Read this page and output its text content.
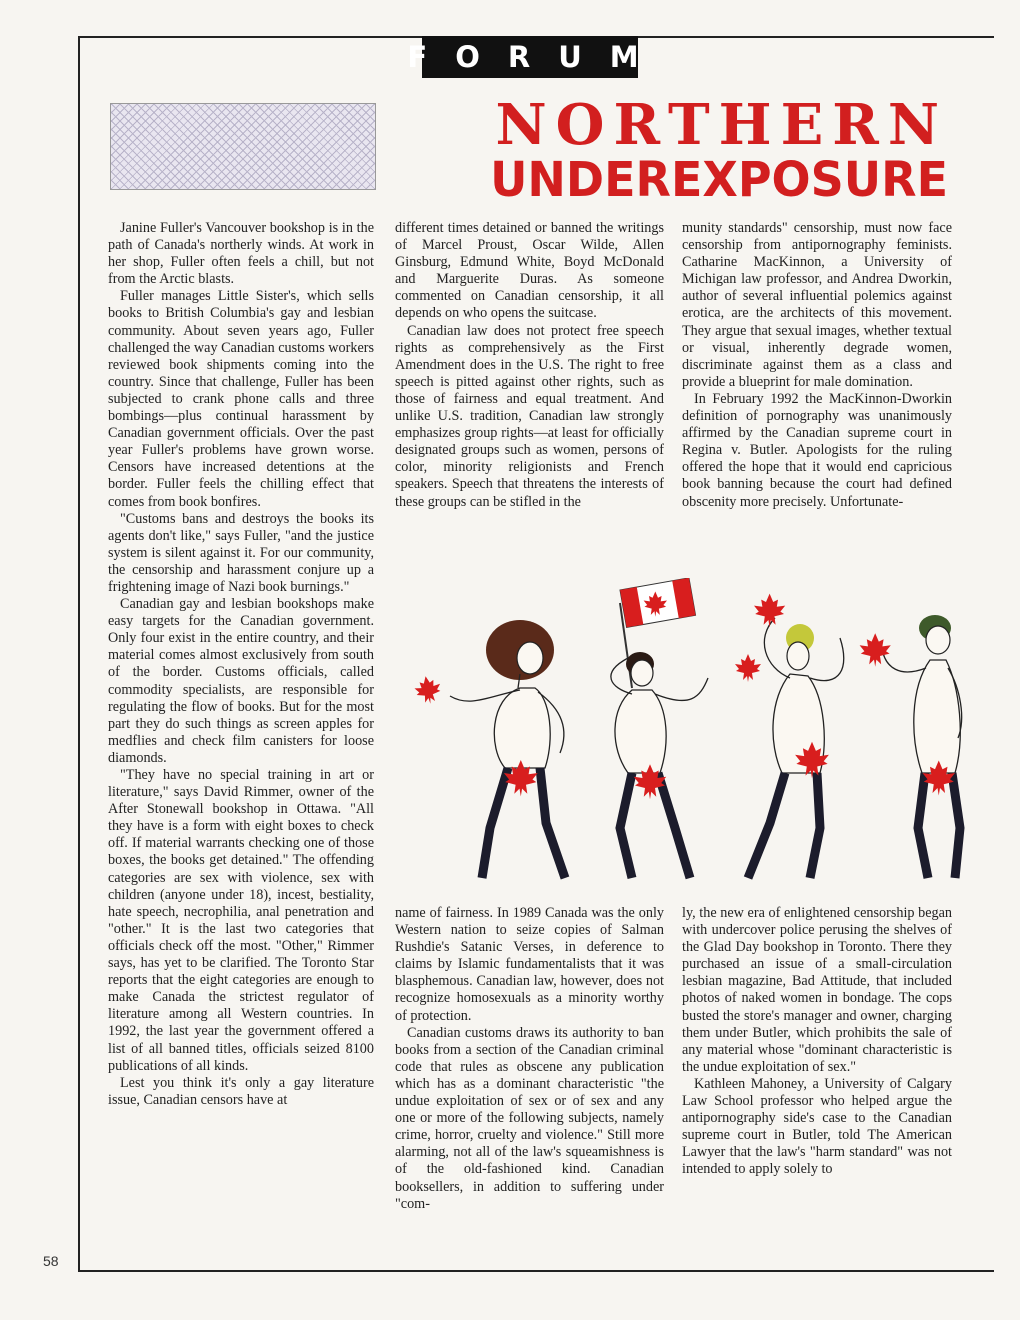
FORUM
NORTHERN
UNDEREXPOSURE

Janine Fuller's Vancouver bookshop is in the path of Canada's northerly winds. At work in her shop, Fuller often feels a chill, but not from the Arctic blasts.

Fuller manages Little Sister's, which sells books to British Columbia's gay and lesbian community. About seven years ago, Fuller challenged the way Canadian customs workers reviewed book shipments coming into the country. Since that challenge, Fuller has been subjected to crank phone calls and three bombings—plus continual harassment by Canadian government officials. Over the past year Fuller's problems have grown worse. Censors have increased detentions at the border. Fuller feels the chilling effect that comes from book bonfires.

"Customs bans and destroys the books its agents don't like," says Fuller, "and the justice system is silent against it. For our community, the censorship and harassment conjure up a frightening image of Nazi book burnings."

Canadian gay and lesbian bookshops make easy targets for the Canadian government. Only four exist in the entire country, and their material comes almost exclusively from south of the border. Customs officials, called commodity specialists, are responsible for regulating the flow of books. But for the most part they do such things as screen apples for medflies and check film canisters for loose diamonds.

"They have no special training in art or literature," says David Rimmer, owner of the After Stonewall bookshop in Ottawa. "All they have is a form with eight boxes to check off. If material warrants checking one of those boxes, the books get detained." The offending categories are sex with violence, sex with children (anyone under 18), incest, bestiality, hate speech, necrophilia, anal penetration and "other." It is the last two categories that officials check off the most. "Other," Rimmer says, has yet to be clarified. The Toronto Star reports that the eight categories are enough to make Canada the strictest regulator of literature among all Western countries. In 1992, the last year the government offered a list of all banned titles, officials seized 8100 publications of all kinds.

Lest you think it's only a gay literature issue, Canadian censors have at

different times detained or banned the writings of Marcel Proust, Oscar Wilde, Allen Ginsburg, Edmund White, Boyd McDonald and Marguerite Duras. As someone commented on Canadian censorship, it all depends on who opens the suitcase.

Canadian law does not protect free speech rights as comprehensively as the First Amendment does in the U.S. The right to free speech is pitted against other rights, such as those of fairness and equal treatment. And unlike U.S. tradition, Canadian law strongly emphasizes group rights—at least for officially designated groups such as women, persons of color, minority religionists and French speakers. Speech that threatens the interests of these groups can be stifled in the

munity standards" censorship, must now face censorship from antipornography feminists. Catharine MacKinnon, a University of Michigan law professor, and Andrea Dworkin, author of several influential polemics against erotica, are the architects of this movement. They argue that sexual images, whether textual or visual, inherently degrade women, discriminate against them as a class and provide a blueprint for male domination.

In February 1992 the MacKinnon-Dworkin definition of pornography was unanimously affirmed by the Canadian supreme court in Regina v. Butler. Apologists for the ruling offered the hope that it would end capricious book banning because the court had defined obscenity more precisely. Unfortunate-

name of fairness. In 1989 Canada was the only Western nation to seize copies of Salman Rushdie's Satanic Verses, in deference to claims by Islamic fundamentalists that it was blasphemous. Canadian law, however, does not recognize homosexuals as a minority worthy of protection.

Canadian customs draws its authority to ban books from a section of the Canadian criminal code that rules as obscene any publication which has as a dominant characteristic "the undue exploitation of sex or of sex and any one or more of the following subjects, namely crime, horror, cruelty and violence." Still more alarming, not all of the law's squeamishness is of the old-fashioned kind. Canadian booksellers, in addition to suffering under "com-

ly, the new era of enlightened censorship began with undercover police perusing the shelves of the Glad Day bookshop in Toronto. There they purchased an issue of a small-circulation lesbian magazine, Bad Attitude, that included photos of naked women in bondage. The cops busted the store's manager and owner, charging them under Butler, which prohibits the sale of any material whose "dominant characteristic is the undue exploitation of sex."

Kathleen Mahoney, a University of Calgary Law School professor who helped argue the antipornography side's case to the Canadian supreme court in Butler, told The American Lawyer that the law's "harm standard" was not intended to apply solely to

58
